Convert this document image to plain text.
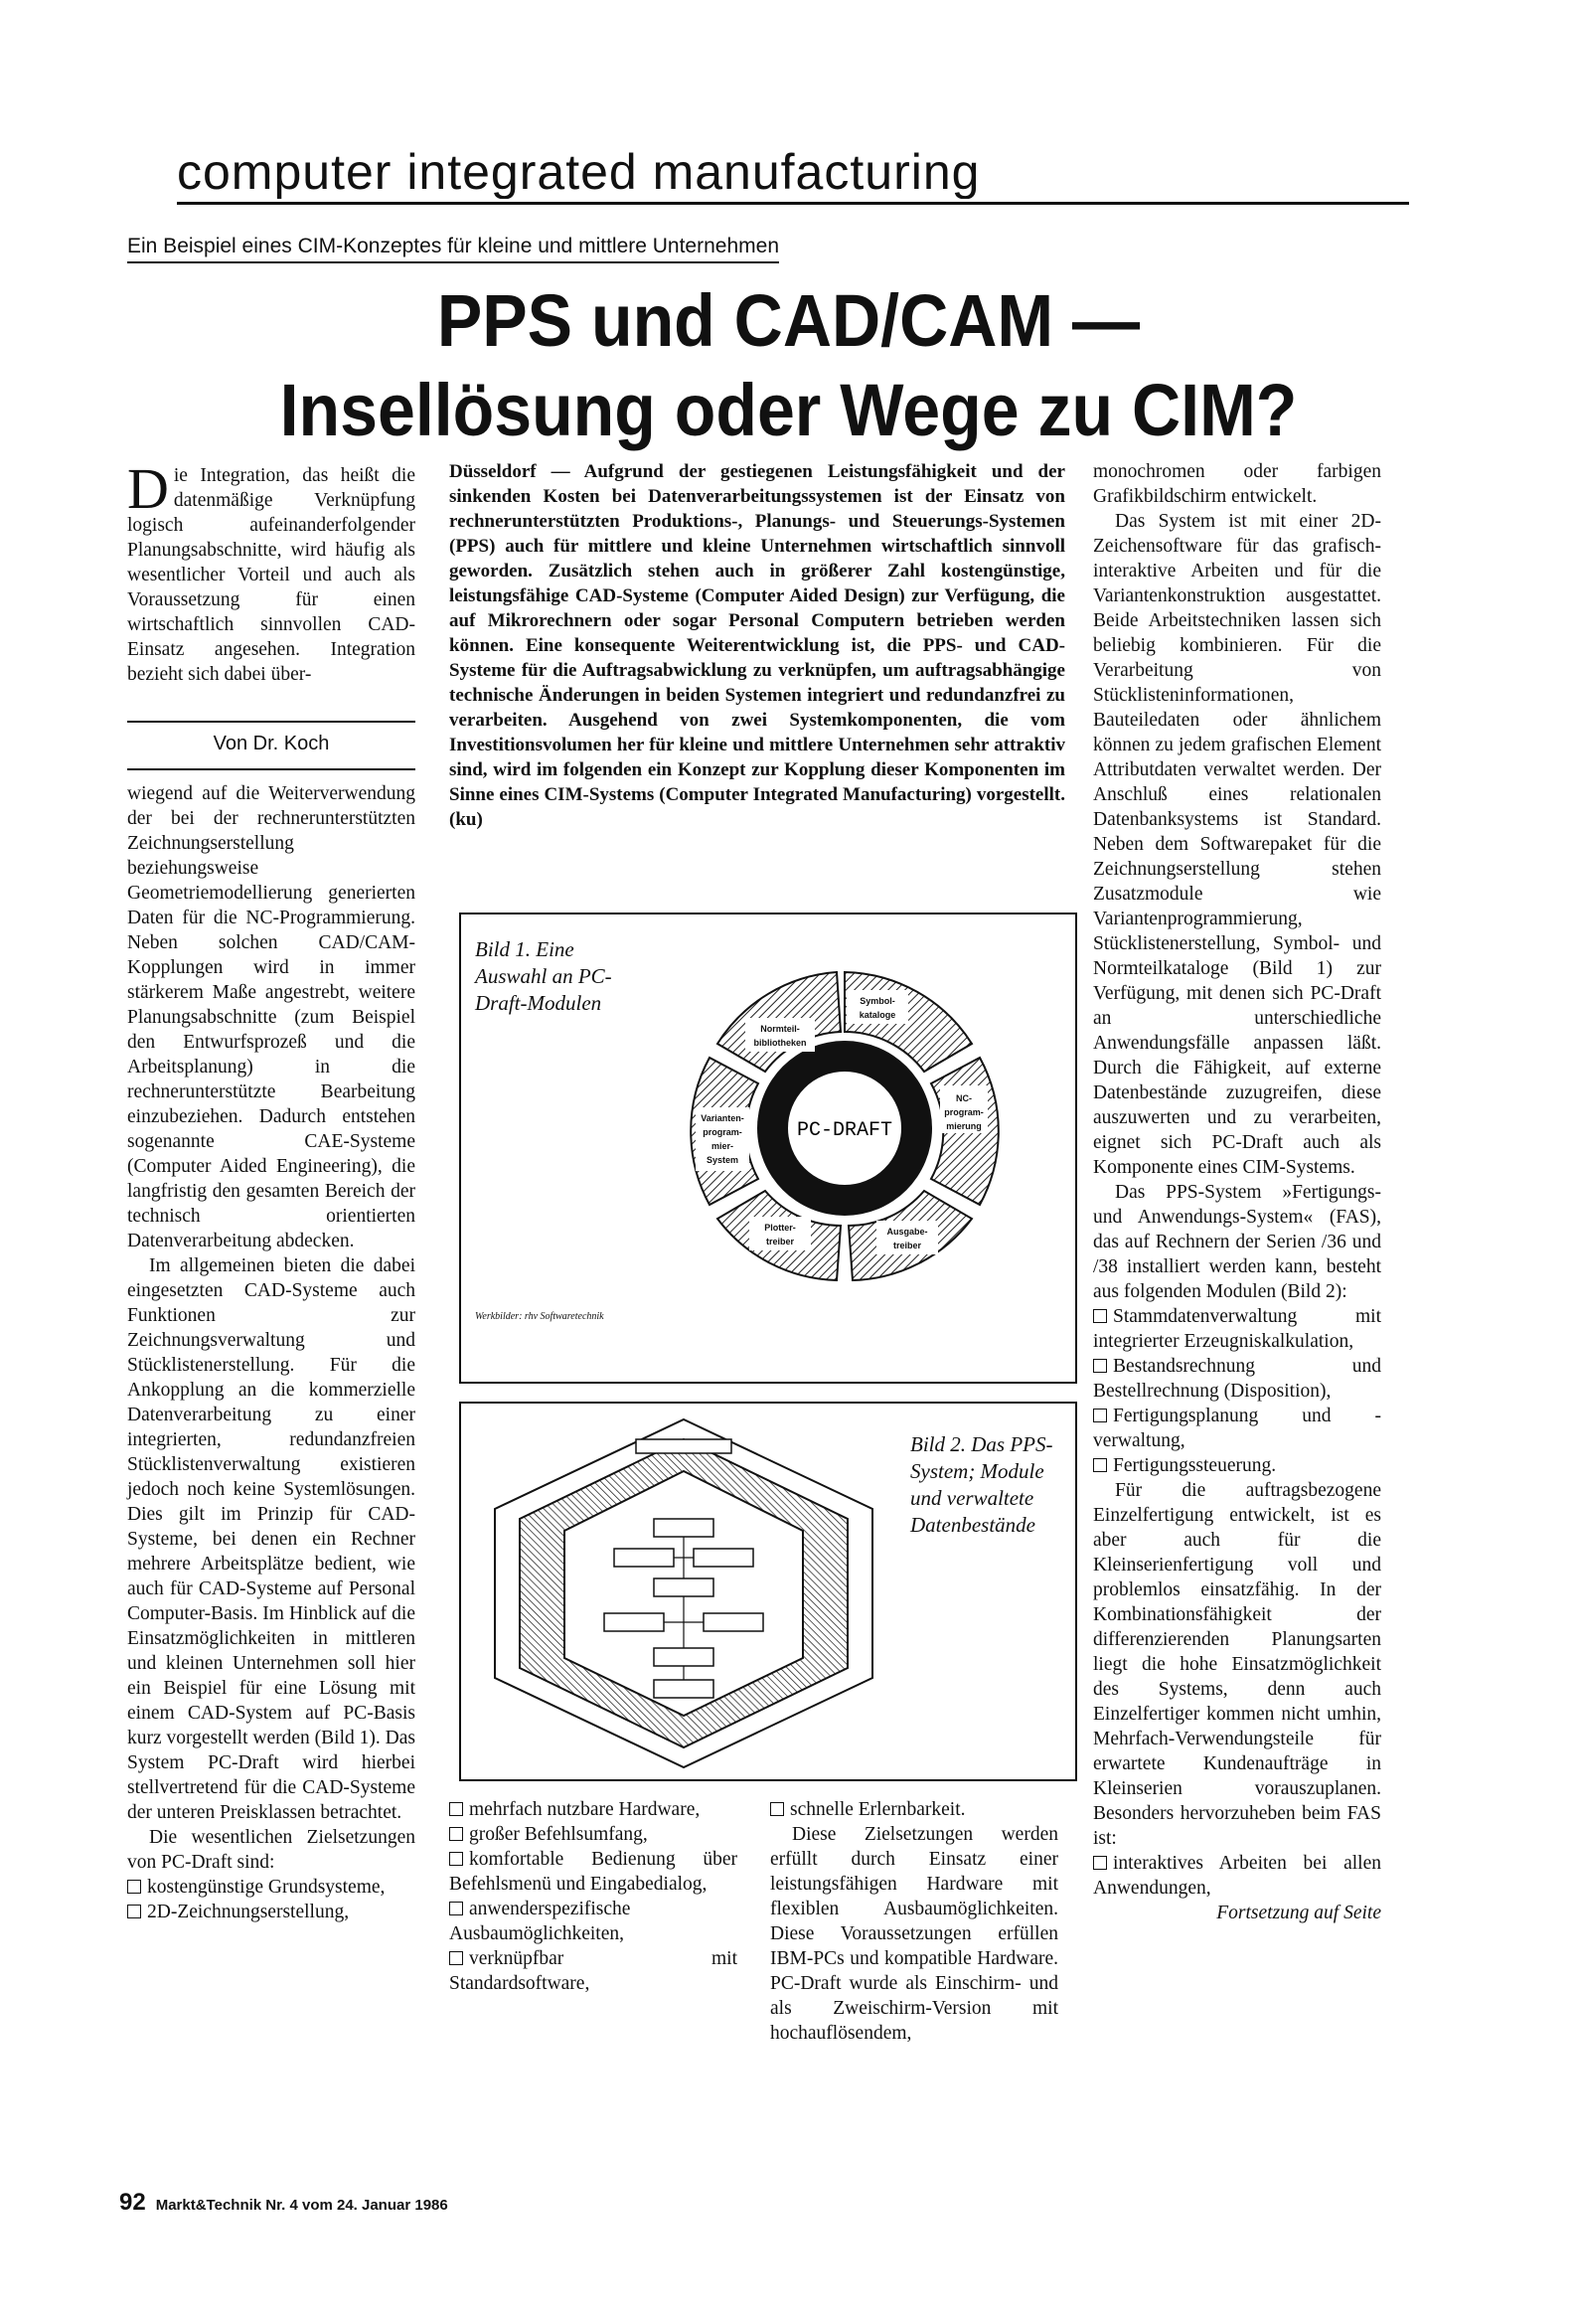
computer integrated manufacturing
Ein Beispiel eines CIM-Konzeptes für kleine und mittlere Unternehmen
PPS und CAD/CAM —
Insellösung oder Wege zu CIM?
Die Integration, das heißt die datenmäßige Verknüpfung logisch aufeinanderfolgender Planungsabschnitte, wird häufig als wesentlicher Vorteil und auch als Voraussetzung für einen wirtschaftlich sinnvollen CAD-Einsatz angesehen. Integration bezieht sich dabei über-
Von Dr. Koch

wiegend auf die Weiterverwendung der bei der rechnerunterstützten Zeichnungserstellung beziehungsweise Geometriemodellierung generierten Daten für die NC-Programmierung. Neben solchen CAD/CAM-Kopplungen wird in immer stärkerem Maße angestrebt, weitere Planungsabschnitte (zum Beispiel den Entwurfsprozeß und die Arbeitsplanung) in die rechnerunterstützte Bearbeitung einzubeziehen. Dadurch entstehen sogenannte CAE-Systeme (Computer Aided Engineering), die langfristig den gesamten Bereich der technisch orientierten Datenverarbeitung abdecken.

Im allgemeinen bieten die dabei eingesetzten CAD-Systeme auch Funktionen zur Zeichnungsverwaltung und Stücklistenerstellung. Für die Ankopplung an die kommerzielle Datenverarbeitung zu einer integrierten, redundanzfreien Stücklistenverwaltung existieren jedoch noch keine Systemlösungen. Dies gilt im Prinzip für CAD-Systeme, bei denen ein Rechner mehrere Arbeitsplätze bedient, wie auch für CAD-Systeme auf Personal Computer-Basis. Im Hinblick auf die Einsatzmöglichkeiten in mittleren und kleinen Unternehmen soll hier ein Beispiel für eine Lösung mit einem CAD-System auf PC-Basis kurz vorgestellt werden (Bild 1). Das System PC-Draft wird hierbei stellvertretend für die CAD-Systeme der unteren Preisklassen betrachtet.

Die wesentlichen Zielsetzungen von PC-Draft sind:

kostengünstige Grundsysteme,

2D-Zeichnungserstellung,

Düsseldorf — Aufgrund der gestiegenen Leistungsfähigkeit und der sinkenden Kosten bei Datenverarbeitungssystemen ist der Einsatz von rechnerunterstützten Produktions-, Planungs- und Steuerungs-Systemen (PPS) auch für mittlere und kleine Unternehmen wirtschaftlich sinnvoll geworden. Zusätzlich stehen auch in größerer Zahl kostengünstige, leistungsfähige CAD-Systeme (Computer Aided Design) zur Verfügung, die auf Mikrorechnern oder sogar Personal Computern betrieben werden können. Eine konsequente Weiterentwicklung ist, die PPS- und CAD-Systeme für die Auftragsabwicklung zu verknüpfen, um auftragsabhängige technische Änderungen in beiden Systemen integriert und redundanzfrei zu verarbeiten. Ausgehend von zwei Systemkomponenten, die vom Investitionsvolumen her für kleine und mittlere Unternehmen sehr attraktiv sind, wird im folgenden ein Konzept zur Kopplung dieser Komponenten im Sinne eines CIM-Systems (Computer Integrated Manufacturing) vorgestellt. (ku)
Bild 1. Eine Auswahl an PC-Draft-Modulen
Werkbilder: rhv Softwaretechnik
PC-DRAFT
Symbol-
kataloge
NC-
program-
mierung
Ausgabe-
treiber
Plotter-
treiber
Varianten-
program-
mier-
System
Normteil-
bibliotheken
Bild 2. Das PPS-System; Module und verwaltete Datenbestände

mehrfach nutzbare Hardware,

großer Befehlsumfang,

komfortable Bedienung über Befehlsmenü und Eingabedialog,

anwenderspezifische Ausbaumöglichkeiten,

verknüpfbar mit Standardsoftware,

schnelle Erlernbarkeit.

Diese Zielsetzungen werden erfüllt durch Einsatz einer leistungsfähigen Hardware mit flexiblen Ausbaumöglichkeiten. Diese Voraussetzungen erfüllen IBM-PCs und kompatible Hardware. PC-Draft wurde als Einschirm- und als Zweischirm-Version mit hochauflösendem,

monochromen oder farbigen Grafikbildschirm entwickelt.

Das System ist mit einer 2D-Zeichensoftware für das grafisch-interaktive Arbeiten und für die Variantenkonstruktion ausgestattet. Beide Arbeitstechniken lassen sich beliebig kombinieren. Für die Verarbeitung von Stücklisteninformationen, Bauteiledaten oder ähnlichem können zu jedem grafischen Element Attributdaten verwaltet werden. Der Anschluß eines relationalen Datenbanksystems ist Standard. Neben dem Softwarepaket für die Zeichnungserstellung stehen Zusatzmodule wie Variantenprogrammierung, Stücklistenerstellung, Symbol- und Normteilkataloge (Bild 1) zur Verfügung, mit denen sich PC-Draft an unterschiedliche Anwendungsfälle anpassen läßt. Durch die Fähigkeit, auf externe Datenbestände zuzugreifen, diese auszuwerten und zu verarbeiten, eignet sich PC-Draft auch als Komponente eines CIM-Systems.

Das PPS-System »Fertigungs- und Anwendungs-System« (FAS), das auf Rechnern der Serien /36 und /38 installiert werden kann, besteht aus folgenden Modulen (Bild 2):

Stammdatenverwaltung mit integrierter Erzeugniskalkulation,

Bestandsrechnung und Bestellrechnung (Disposition),

Fertigungsplanung und -verwaltung,

Fertigungssteuerung.

Für die auftragsbezogene Einzelfertigung entwickelt, ist es aber auch für die Kleinserienfertigung voll und problemlos einsatzfähig. In der Kombinationsfähigkeit der differenzierenden Planungsarten liegt die hohe Einsatzmöglichkeit des Systems, denn auch Einzelfertiger kommen nicht umhin, Mehrfach-Verwendungsteile für erwartete Kundenaufträge in Kleinserien vorauszuplanen. Besonders hervorzuheben beim FAS ist:

interaktives Arbeiten bei allen Anwendungen,

Fortsetzung auf Seite

92 Markt&Technik Nr. 4 vom 24. Januar 1986
